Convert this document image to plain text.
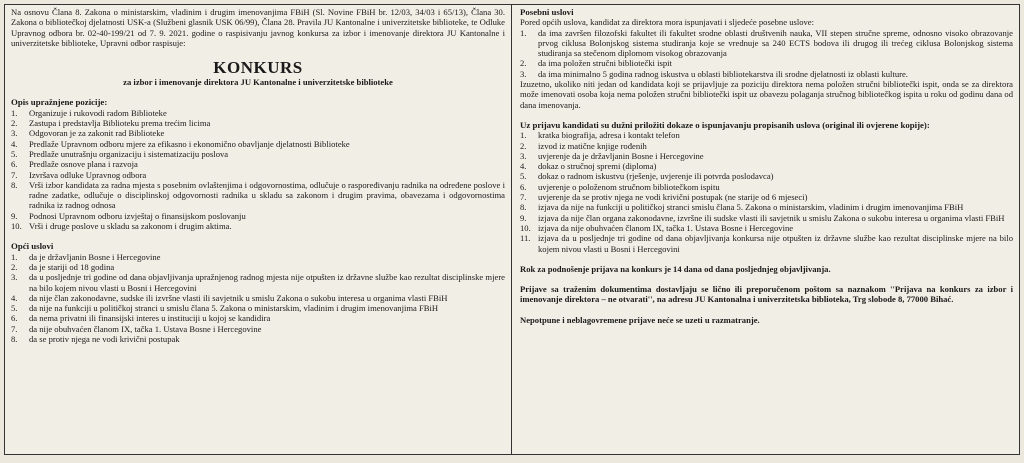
Na osnovu Člana 8. Zakona o ministarskim, vladinim i drugim imenovanjima FBiH (Sl. Novine FBiH br. 12/03, 34/03 i 65/13), Člana 30. Zakona o bibliotečkoj djelatnosti USK-a (Službeni glasnik USK 06/99), Člana 28. Pravila JU Kantonalne i univerzitetske biblioteke, te Odluke Upravnog odbora br. 02-40-199/21 od 7. 9. 2021. godine o raspisivanju javnog konkursa za izbor i imenovanje direktora JU Kantonalne i univerzitetske biblioteke, Upravni odbor raspisuje:

KONKURS
za izbor i imenovanje direktora JU Kantonalne i univerzitetske biblioteke
Opis upražnjene pozicije:
1.	Organizuje i rukovodi radom Biblioteke
2.	Zastupa i predstavlja Biblioteku prema trećim licima
3.	Odgovoran je za zakonit rad Biblioteke
4.	Predlaže Upravnom odboru mjere za efikasno i ekonomično obavljanje djelatnosti Biblioteke
5.	Predlaže unutrašnju organizaciju i sistematizaciju poslova
6.	Predlaže osnove plana i razvoja
7.	Izvršava odluke Upravnog odbora
8.	Vrši izbor kandidata za radna mjesta s posebnim ovlaštenjima i odgovornostima, odlučuje o raspoređivanju radnika na određene poslove i radne zadatke, odlučuje o disciplinskoj odgovornosti radnika u skladu sa zakonom i drugim pravima, obavezama i odgovornostima radnika iz radnog odnosa
9.	Podnosi Upravnom odboru izvještaj o finansijskom poslovanju
10. Vrši i druge poslove u skladu sa zakonom i drugim aktima.
Opći uslovi
1.	da je državljanin Bosne i Hercegovine
2.	da je stariji od 18 godina
3.	da u posljednje tri godine od dana objavljivanja upražnjenog radnog mjesta nije otpušten iz državne službe kao rezultat disciplinske mjere na bilo kojem nivou vlasti u Bosni i Hercegovini
4.	da nije član zakonodavne, sudske ili izvršne vlasti ili savjetnik u smislu Zakona o sukobu interesa u organima vlasti FBiH
5.	da nije na funkciji u političkoj stranci u smislu člana 5. Zakona o ministarskim, vladinim i drugim imenovanjima FBiH
6.	da nema privatni ili finansijski interes u instituciji u kojoj se kandidira
7.	da nije obuhvaćen članom IX, tačka 1. Ustava Bosne i Hercegovine
8.	da se protiv njega ne vodi krivični postupak
Posebni uslovi

Pored općih uslova, kandidat za direktora mora ispunjavati i sljedeće posebne uslove:

1.	da ima završen filozofski fakultet ili fakultet srodne oblasti društvenih nauka, VII stepen stručne spreme, odnosno visoko obrazovanje prvog ciklusa Bolonjskog sistema studiranja koje se vrednuje sa 240 ECTS bodova ili drugog ili trećeg ciklusa Bolonjskog sistema studiranja sa stečenom diplomom visokog obrazovanja
2.	da ima položen stručni bibliotečki ispit
3.	da ima minimalno 5 godina radnog iskustva u oblasti bibliotekarstva ili srodne djelatnosti iz oblasti kulture.

Izuzetno, ukoliko niti jedan od kandidata koji se prijavljuje za poziciju direktora nema položen stručni bibliotečki ispit, onda se za direktora može imenovati osoba koja nema položen stručni bibliotečki ispit uz obavezu polaganja stručnog bibliotečkog ispita u roku od godinu dana od dana imenovanja.

Uz prijavu kandidati su dužni priložiti dokaze o ispunjavanju propisanih uslova (original ili ovjerene kopije):
1.	kratka biografija, adresa i kontakt telefon
2.	izvod iz matične knjige rođenih
3.	uvjerenje da je državljanin Bosne i Hercegovine
4.	dokaz o stručnoj spremi (diploma)
5.	dokaz o radnom iskustvu (rješenje, uvjerenje ili potvrda poslodavca)
6.	uvjerenje o položenom stručnom bibliotečkom ispitu
7.	uvjerenje da se protiv njega ne vodi krivični postupak (ne starije od 6 mjeseci)
8.	izjava da nije na funkciji u političkoj stranci smislu člana 5. Zakona o ministarskim, vladinim i drugim imenovanjima FBiH
9.	izjava da nije član organa zakonodavne, izvršne ili sudske vlasti ili savjetnik u smislu Zakona o sukobu interesa u organima vlasti FBiH
10. izjava da nije obuhvaćen članom IX, tačka 1. Ustava Bosne i Hercegovine
11. izjava da u posljednje tri godine od dana objavljivanja konkursa nije otpušten iz državne službe kao rezultat disciplinske mjere na bilo kojem nivou vlasti u Bosni i Hercegovini

Rok za podnošenje prijava na konkurs je 14 dana od dana posljednjeg objavljivanja.

Prijave sa traženim dokumentima dostavljaju se lično ili preporučenom poštom sa naznakom ''Prijava na konkurs za izbor i imenovanje direktora – ne otvarati'', na adresu JU Kantonalna i univerzitetska biblioteka, Trg slobode 8, 77000 Bihać.

Nepotpune i neblagovremene prijave neće se uzeti u razmatranje.
